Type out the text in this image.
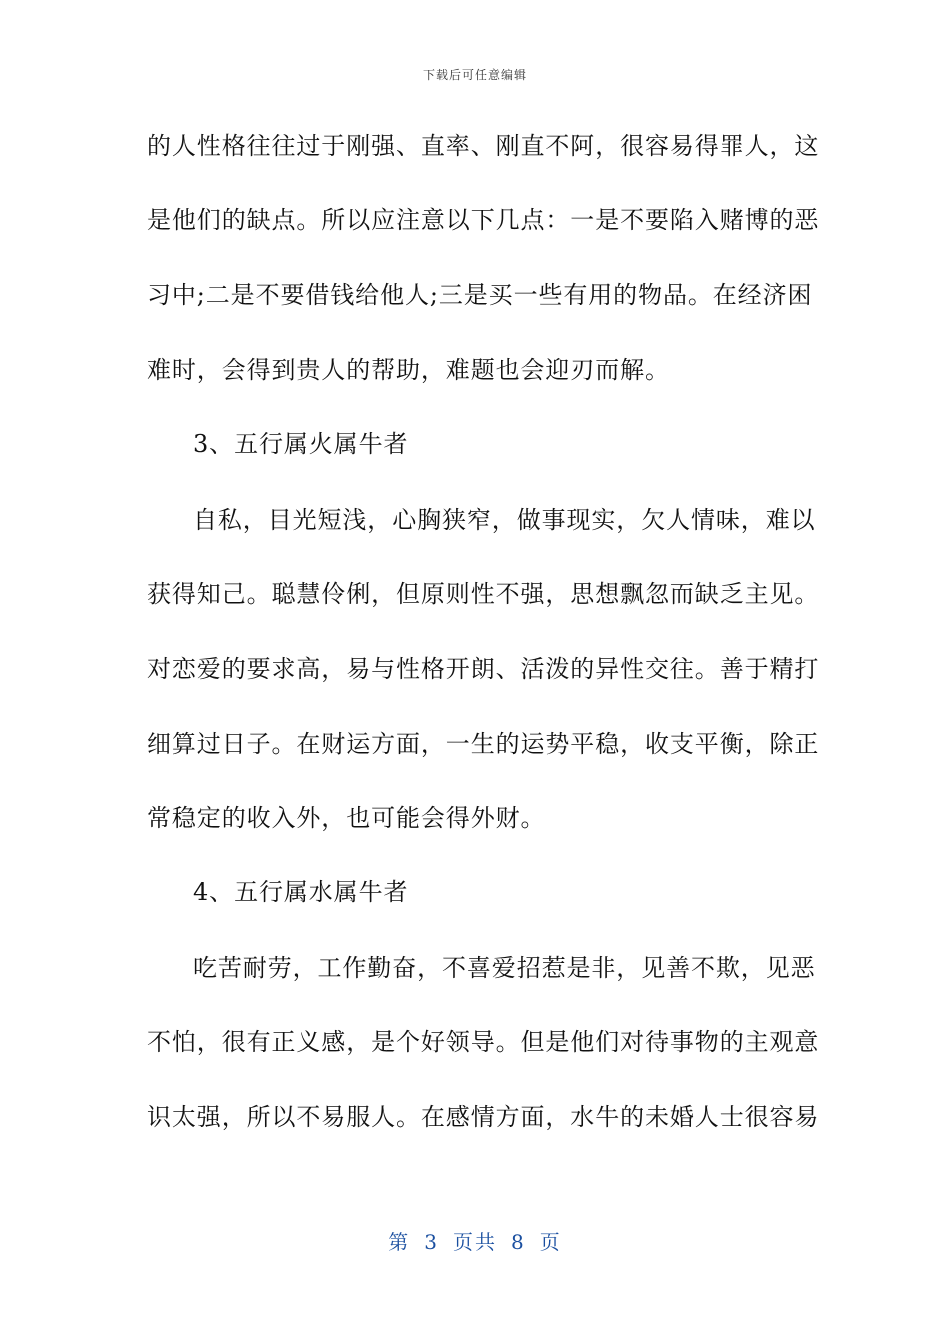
下载后可任意编辑
的人性格往往过于刚强、直率、刚直不阿，很容易得罪人，这
是他们的缺点。所以应注意以下几点：一是不要陷入赌博的恶
习中;二是不要借钱给他人;三是买一些有用的物品。在经济困
难时，会得到贵人的帮助，难题也会迎刃而解。
3、五行属火属牛者
自私，目光短浅，心胸狭窄，做事现实，欠人情味，难以
获得知己。聪慧伶俐，但原则性不强，思想飘忽而缺乏主见。
对恋爱的要求高，易与性格开朗、活泼的异性交往。善于精打
细算过日子。在财运方面，一生的运势平稳，收支平衡，除正
常稳定的收入外，也可能会得外财。
4、五行属水属牛者
吃苦耐劳，工作勤奋，不喜爱招惹是非，见善不欺，见恶
不怕，很有正义感，是个好领导。但是他们对待事物的主观意
识太强，所以不易服人。在感情方面，水牛的未婚人士很容易
第 3 页共 8 页
